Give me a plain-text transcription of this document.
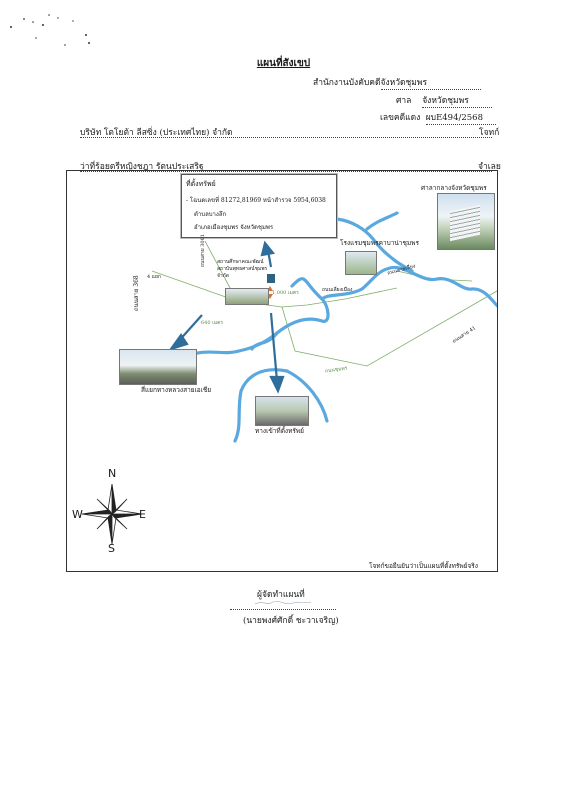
แผนที่สังเขป
สำนักงานบังคับคดีจังหวัดชุมพร
ศาล จังหวัดชุมพร
เลขคดีแดง ผบE494/2568
บริษัท โตโยต้า ลีสซิ่ง (ประเทศไทย) จำกัด	โจทก์
ว่าที่ร้อยตรีหญิงชฎา รัตนประเสริฐ	จำเลย
ที่ตั้งทรัพย์
- โฉนดเลขที่ 81272,81969 หน้าสำรวจ 5954,6038
ตำบลบางลึก
อำเภอเมืองชุมพร จังหวัดชุมพร
ศาลากลางจังหวัดชุมพร
โรงแรมชุมพรคาบาน่าชุมพร
สถานศึกษาคณะพัฒน์
สถาบันพุทธศาสน์ชุมพร
จำกัด
ถนนสาย 368
ถนนสาย 3001
ถนนสายเลี่ยง
ถนนสาย 41
ถนนเลี่ยงเมือง
4 แยก
640 เมตร
1,000 เมตร
ถนนชุมพร
สี่แยกทางหลวงสายเอเชีย
ทางเข้าที่ตั้งทรัพย์
โจทก์ขอยืนยันว่าเป็นแผนที่ตั้งทรัพย์จริง
N
S
E
W
ผู้จัดทำแผนที่
(นายพงศ์ศักดิ์ ชะวาเจริญ)
